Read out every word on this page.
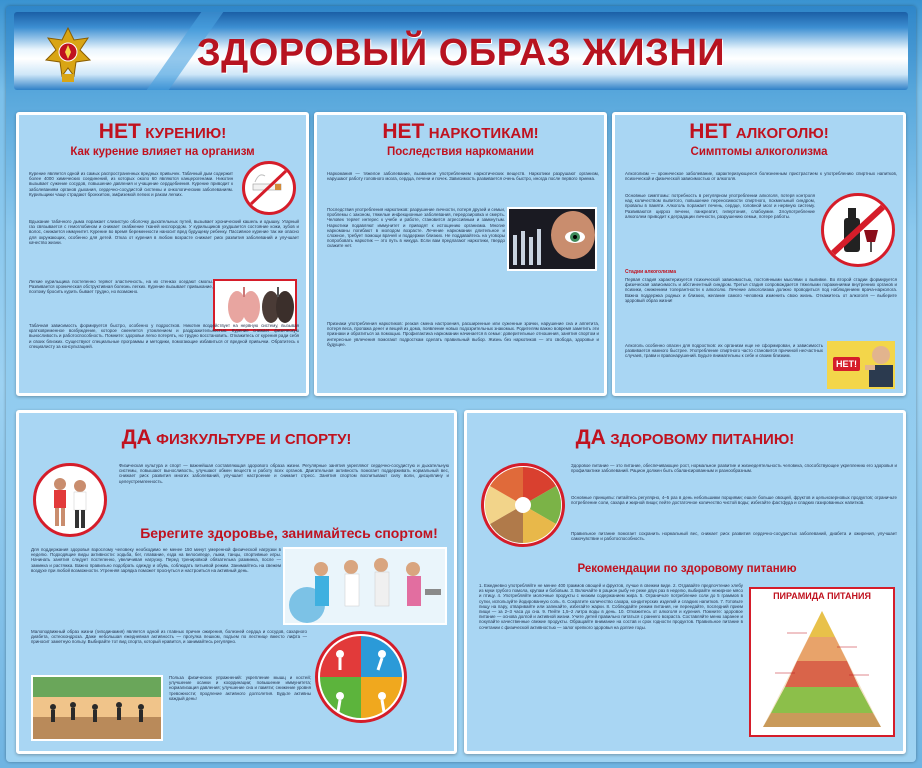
ЗДОРОВЫЙ ОБРАЗ ЖИЗНИ
НЕТ КУРЕНИЮ!
Как курение влияет на организм
Курение является одной из самых распространенных вредных привычек. Табачный дым содержит более 4000 химических соединений, из которых около 60 являются канцерогенами. Никотин вызывает сужение сосудов, повышение давления и учащение сердцебиения. Курение приводит к заболеваниям органов дыхания, сердечно-сосудистой системы и онкологическим заболеваниям. Курильщики чаще страдают бронхитом, эмфиземой легких и раком легких.
Вдыхание табачного дыма поражает слизистую оболочку дыхательных путей, вызывает хронический кашель и одышку. Угарный газ связывается с гемоглобином и снижает снабжение тканей кислородом. У курильщиков ухудшается состояние кожи, зубов и волос, снижается иммунитет. Курение во время беременности наносит вред будущему ребенку. Пассивное курение так же опасно для окружающих, особенно для детей. Отказ от курения в любом возрасте снижает риск развития заболеваний и улучшает качество жизни.
Легкие курильщика постепенно теряют эластичность, на их стенках оседают смолы. Развивается хроническая обструктивная болезнь легких. Курение вызывает привыкание, поэтому бросить курить бывает трудно, но возможно.
Табачная зависимость формируется быстро, особенно у подростков. Никотин воздействует на нервную систему, вызывая кратковременное возбуждение, которое сменяется утомлением и раздражительностью. Курение снижает физическую выносливость и работоспособность. Помните: здоровье легко потерять, но трудно восстановить. Откажитесь от курения ради себя и своих близких. Существуют специальные программы и методики, помогающие избавиться от вредной привычки. Обратитесь к специалисту за консультацией.
НЕТ НАРКОТИКАМ!
Последствия наркомании
Наркомания — тяжелое заболевание, вызванное употреблением наркотических веществ. Наркотики разрушают организм, нарушают работу головного мозга, сердца, печени и почек. Зависимость развивается очень быстро, иногда после первого приема.
Последствия употребления наркотиков: разрушение личности, потеря друзей и семьи, проблемы с законом, тяжелые инфекционные заболевания, передозировка и смерть. Человек теряет интерес к учебе и работе, становится агрессивным и замкнутым. Наркотики подавляют иммунитет и приводят к истощению организма. Многие наркоманы погибают в молодом возрасте. Лечение наркомании длительное и сложное, требует помощи врачей и поддержки близких. Не поддавайтесь на уговоры попробовать наркотик — это путь в никуда. Если вам предлагают наркотики, твердо скажите нет.
Признаки употребления наркотиков: резкая смена настроения, расширенные или суженные зрачки, нарушение сна и аппетита, потеря веса, пропажа денег и вещей из дома, появление новых подозрительных знакомых. Родителям важно вовремя заметить эти признаки и обратиться за помощью. Профилактика наркомании начинается в семье: доверительные отношения, занятия спортом и интересные увлечения помогают подросткам сделать правильный выбор. Жизнь без наркотиков — это свобода, здоровье и будущее.
НЕТ АЛКОГОЛЮ!
Симптомы алкоголизма
Алкоголизм — хроническое заболевание, характеризующееся болезненным пристрастием к употреблению спиртных напитков, психической и физической зависимостью от алкоголя.
Основные симптомы: потребность в регулярном употреблении алкоголя, потеря контроля над количеством выпитого, повышение переносимости спиртного, похмельный синдром, провалы в памяти. Алкоголь поражает печень, сердце, головной мозг и нервную систему. Развиваются цирроз печени, панкреатит, гипертония, слабоумие. Злоупотребление алкоголем приводит к деградации личности, разрушению семьи, потере работы.
Стадии алкоголизма
Первая стадия характеризуется психической зависимостью, постоянными мыслями о выпивке. Во второй стадии формируется физическая зависимость и абстинентный синдром. Третья стадия сопровождается тяжелыми поражениями внутренних органов и психики, снижением толерантности к алкоголю. Лечение алкоголизма должно проводиться под наблюдением врача-нарколога. Важна поддержка родных и близких, желание самого человека изменить свою жизнь. Откажитесь от алкоголя — выберите здоровый образ жизни!
Алкоголь особенно опасен для подростков: их организм еще не сформирован, и зависимость развивается намного быстрее. Употребление спиртного часто становится причиной несчастных случаев, травм и правонарушений. Будьте внимательны к себе и своим близким.
НЕТ!
ДА ФИЗКУЛЬТУРЕ И СПОРТУ!
Физическая культура и спорт — важнейшая составляющая здорового образа жизни. Регулярные занятия укрепляют сердечно-сосудистую и дыхательную системы, повышают выносливость, улучшают обмен веществ и работу всех органов. Двигательная активность помогает поддерживать нормальный вес, снижает риск развития многих заболеваний, улучшает настроение и снимает стресс. Занятия спортом воспитывают силу воли, дисциплину и целеустремленность.
Берегите здоровье, занимайтесь спортом!
Для поддержания здоровья взрослому человеку необходимо не менее 150 минут умеренной физической нагрузки в неделю. Подходящие виды активности: ходьба, бег, плавание, езда на велосипеде, лыжи, танцы, спортивные игры. Начинать занятия следует постепенно, увеличивая нагрузку. Перед тренировкой обязательна разминка, после — заминка и растяжка. Важно правильно подобрать одежду и обувь, соблюдать питьевой режим. Занимайтесь на свежем воздухе при любой возможности. Утренняя зарядка поможет проснуться и настроиться на активный день.
Малоподвижный образ жизни (гиподинамия) является одной из главных причин ожирения, болезней сердца и сосудов, сахарного диабета, остеохондроза. Даже небольшая ежедневная активность — прогулка пешком, подъем по лестнице вместо лифта — приносит заметную пользу. Выбирайте тот вид спорта, который нравится, и занимайтесь регулярно.
Польза физических упражнений: укрепление мышц и костей; улучшение осанки и координации; повышение иммунитета; нормализация давления; улучшение сна и памяти; снижение уровня тревожности; продление активного долголетия. Будьте активны каждый день!
ДА ЗДОРОВОМУ ПИТАНИЮ!
Здоровое питание — это питание, обеспечивающее рост, нормальное развитие и жизнедеятельность человека, способствующее укреплению его здоровья и профилактике заболеваний. Рацион должен быть сбалансированным и разнообразным.
Основные принципы: питайтесь регулярно, 4–5 раз в день небольшими порциями; ешьте больше овощей, фруктов и цельнозерновых продуктов; ограничьте потребление соли, сахара и жирной пищи; пейте достаточное количество чистой воды; избегайте фастфуда и сладких газированных напитков.
Правильное питание помогает сохранить нормальный вес, снижает риск развития сердечно-сосудистых заболеваний, диабета и ожирения, улучшает самочувствие и работоспособность.
Рекомендации по здоровому питанию
1. Ежедневно употребляйте не менее 400 граммов овощей и фруктов, лучше в свежем виде. 2. Отдавайте предпочтение хлебу из муки грубого помола, крупам и бобовым. 3. Включайте в рацион рыбу не реже двух раз в неделю, выбирайте нежирное мясо и птицу. 4. Употребляйте молочные продукты с низким содержанием жира. 5. Ограничьте потребление соли до 5 граммов в сутки, используйте йодированную соль. 6. Сократите количество сахара, кондитерских изделий и сладких напитков. 7. Готовьте пищу на пару, отваривайте или запекайте, избегайте жарки. 8. Соблюдайте режим питания, не переедайте, последний прием пищи — за 2–3 часа до сна. 9. Пейте 1,5–2 литра воды в день. 10. Откажитесь от алкоголя и курения. Помните: здоровое питание — основа долгой и активной жизни. Учите детей правильно питаться с раннего возраста. Составляйте меню заранее и покупайте качественные свежие продукты. Обращайте внимание на состав и срок годности продуктов. Правильное питание в сочетании с физической активностью — залог крепкого здоровья на долгие годы.
ПИРАМИДА ПИТАНИЯ
